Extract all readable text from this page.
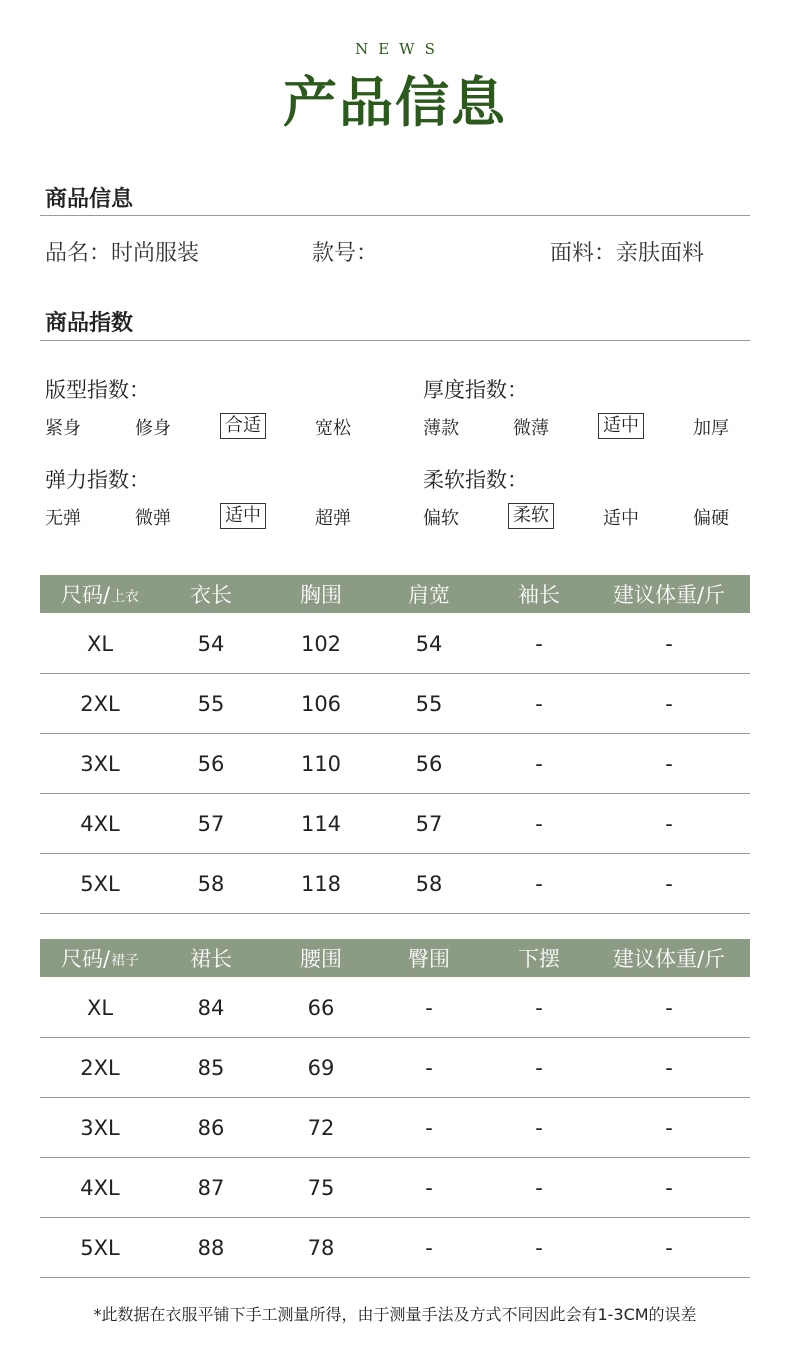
NEWS
产品信息
商品信息
品名：时尚服装	款号：	面料：亲肤面料
商品指数
版型指数：
紧身	修身	合适	宽松
厚度指数：
薄款	微薄	适中	加厚
弹力指数：
无弹	微弹	适中	超弹
柔软指数：
偏软	柔软	适中	偏硬
尺码/ 上衣	衣长	胸围	肩宽	袖长	建议体重/斤
XL	54	102	54	-	-
2XL	55	106	55	-	-
3XL	56	110	56	-	-
4XL	57	114	57	-	-
5XL	58	118	58	-	-
尺码/ 裙子	裙长	腰围	臀围	下摆	建议体重/斤
XL	84	66	-	-	-
2XL	85	69	-	-	-
3XL	86	72	-	-	-
4XL	87	75	-	-	-
5XL	88	78	-	-	-
*此数据在衣服平铺下手工测量所得，由于测量手法及方式不同因此会有1-3CM的误差
